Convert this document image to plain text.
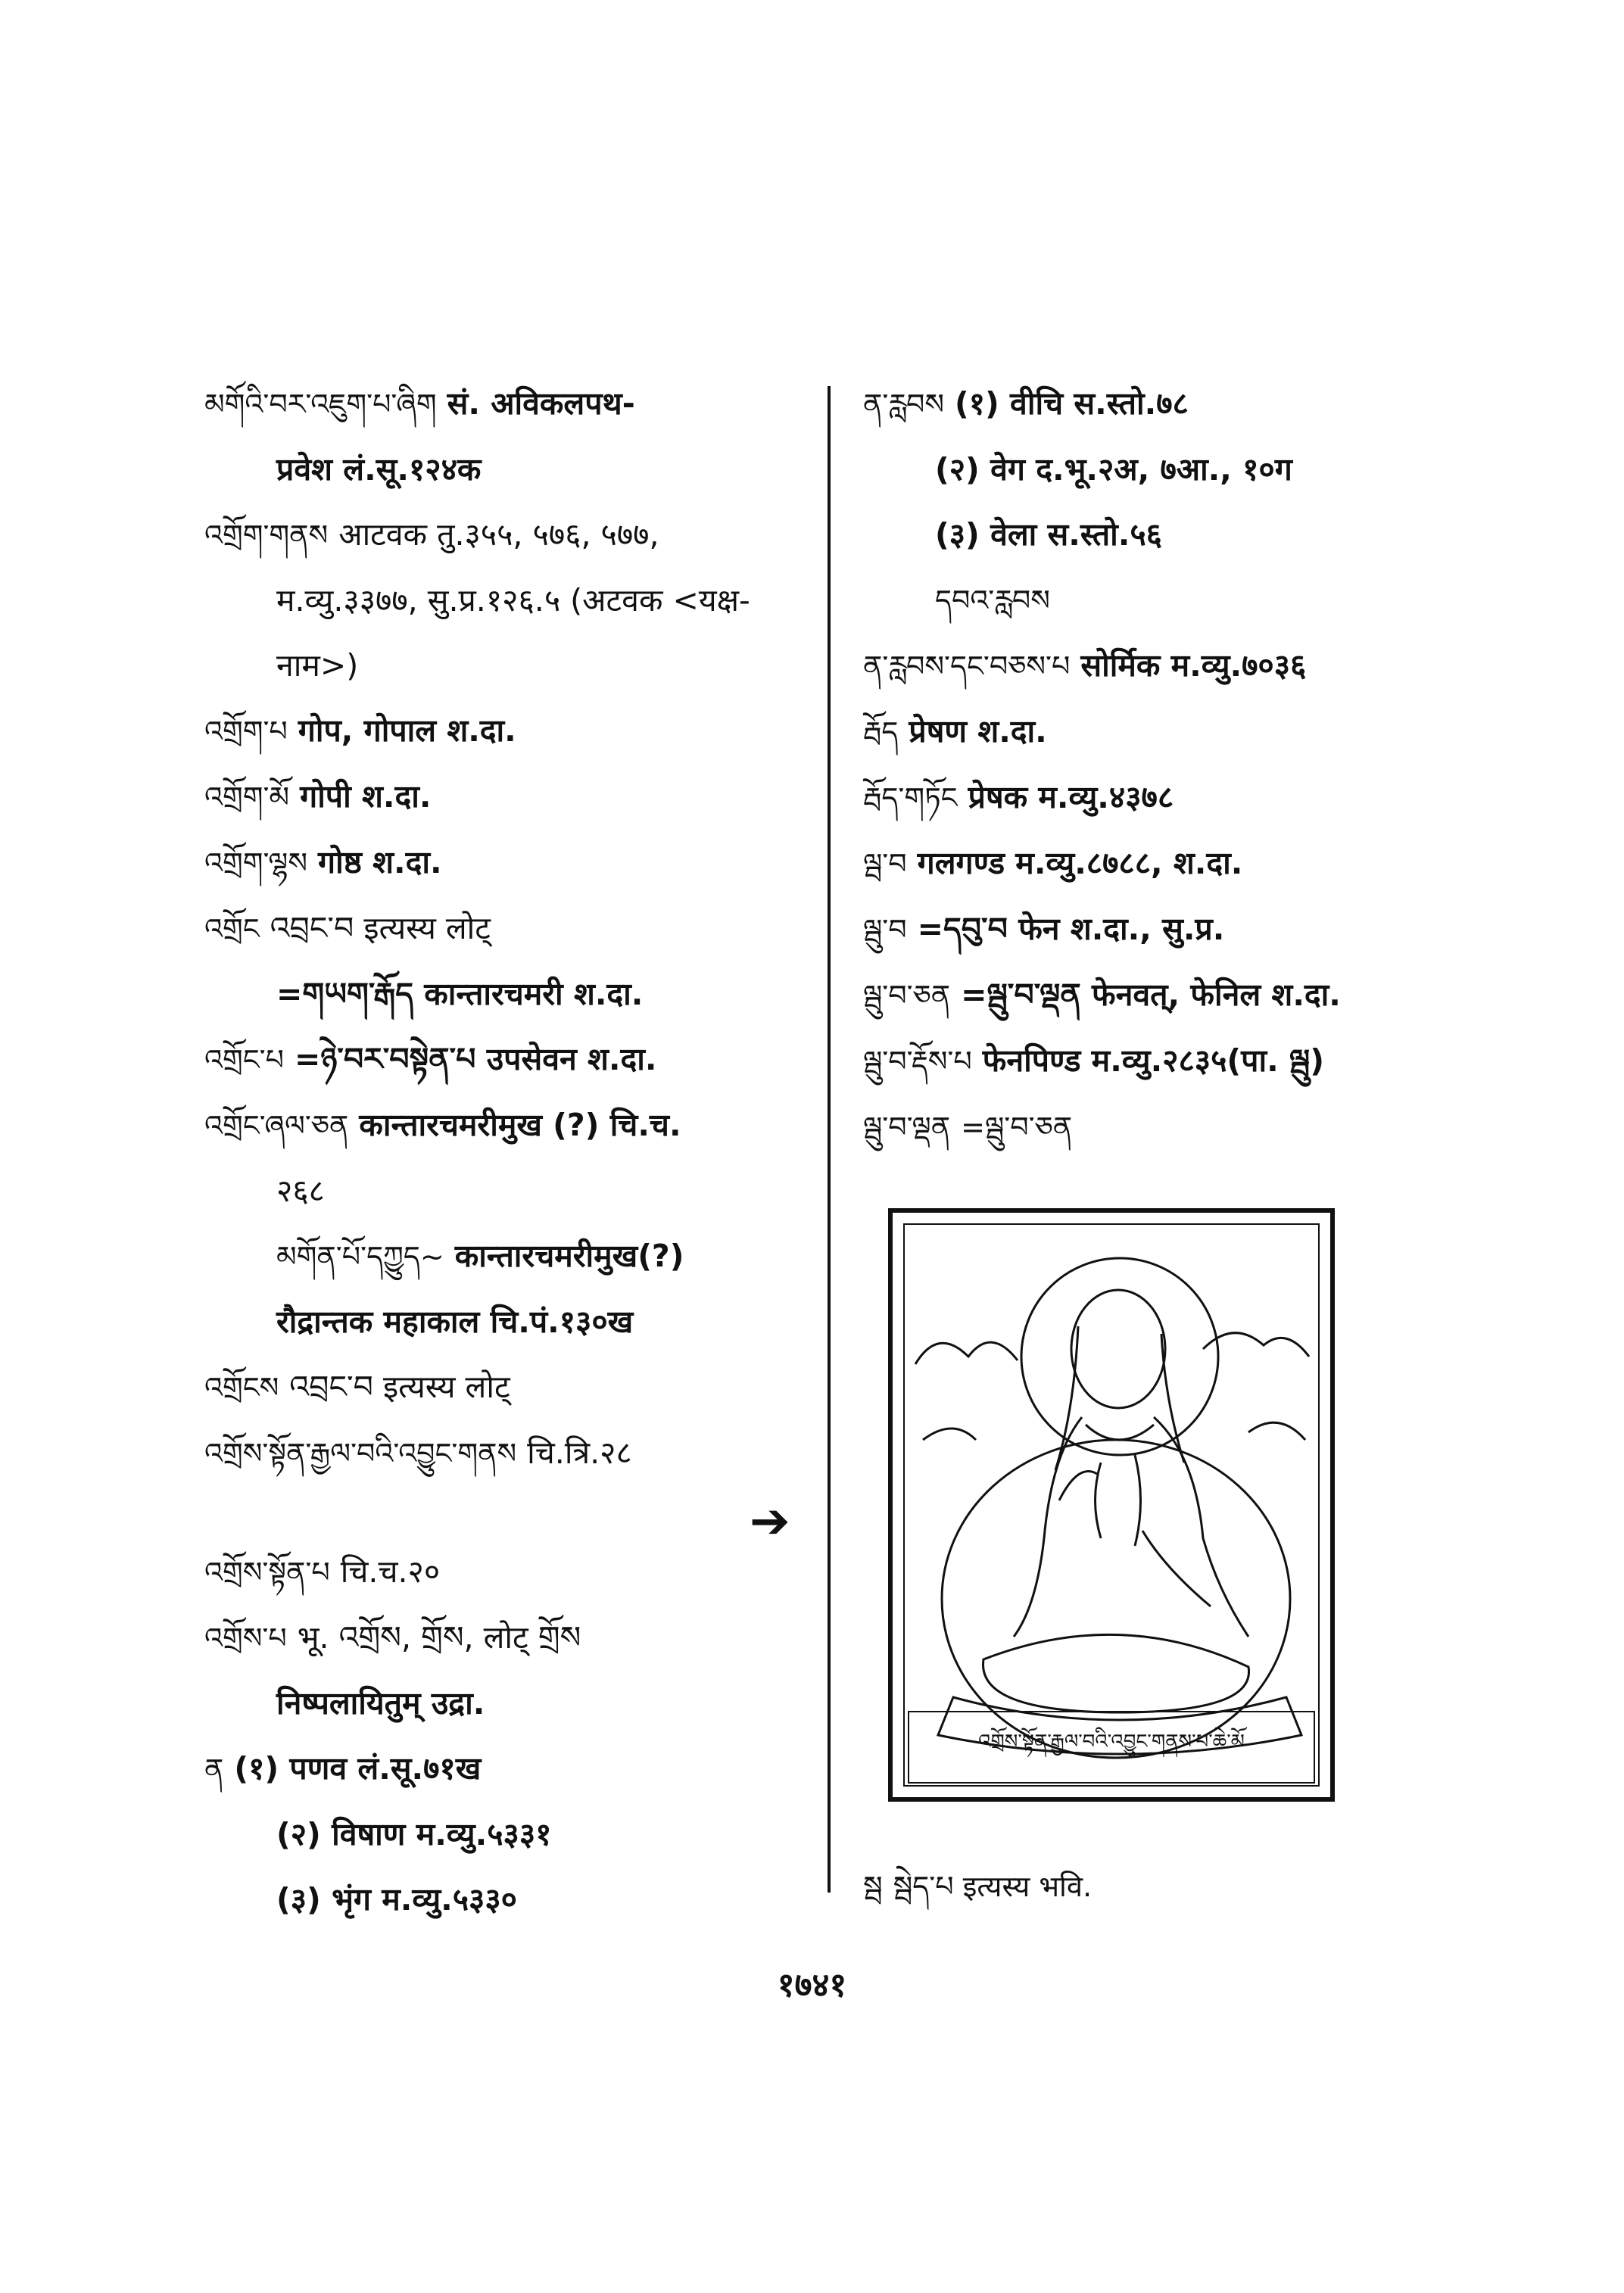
མགོའི་བར་འཇུག་པ་ཞིག सं. अविकलपथ-
प्रवेश लं.सू.१२४क
འགྲོག་གནས आटवक तु.३५५, ५७६, ५७७,
म.व्यु.३३७७, सु.प्र.१२६.५ (अटवक <यक्ष-
नाम>)
འགྲོག་པ गोप, गोपाल श.दा.
འགྲོག་མོ गोपी श.दा.
འགྲོག་ལྷས गोष्ठ श.दा.
འགྲོང འབྲང་བ इत्यस्य लोट्
=གཡག་རྒོད कान्तारचमरी श.दा.
འགྲོང་པ =ཉེ་བར་བསྟེན་པ उपसेवन श.दा.
འགྲོང་ཞལ་ཅན कान्तारचमरीमुख (?) चि.च.
२६८
མགོན་པོ་དཀྱུད~ कान्तारचमरीमुख(?)
रौद्रान्तक महाकाल चि.पं.१३०ख
འགྲོངས འབྲང་བ इत्यस्य लोट्
འགྲོས་སྟོན་རྒྱལ་བའི་འབྱུང་གནས चि.त्रि.२८
འགྲོས་སྟོན་པ चि.च.२०
འགྲོས་པ भू. འགྲོས, གྲོས, लोट् གྲོས
निष्पलायितुम् उद्रा.
ན (१) पणव लं.सू.७१ख
(२) विषाण म.व्यु.५३३१
(३) भृंग म.व्यु.५३३०
➔
ན་རླབས (१) वीचि स.स्तो.७८
(२) वेग द.भू.२अ, ७आ., १०ग
(३) वेला स.स्तो.५६
དབའ་རླབས
ན་རླབས་དང་བཅས་པ सोर्मिक म.व्यु.७०३६
རྦོད प्रेषण श.दा.
རྦོད་གཏོང प्रेषक म.व्यु.४३७८
ལྦ་བ गलगण्ड म.व्यु.८७८८, श.दा.
ལྦུ་བ =དབུ་བ फेन श.दा., सु.प्र.
ལྦུ་བ་ཅན =ལྦུ་བ་ལྡན फेनवत्, फेनिल श.दा.
ལྦུ་བ་རྡོས་པ फेनपिण्ड म.व्यु.२८३५(पा. ལྦུ)
ལྦུ་བ་ལྡན =ལྦུ་བ་ཅན
འགྲོས་སྟོན་རྒྱལ་བའི་འབྱུང་གནས་པ་ཆེ་མོ
སྦ སྦེད་པ इत्यस्य भवि.
१७४१
